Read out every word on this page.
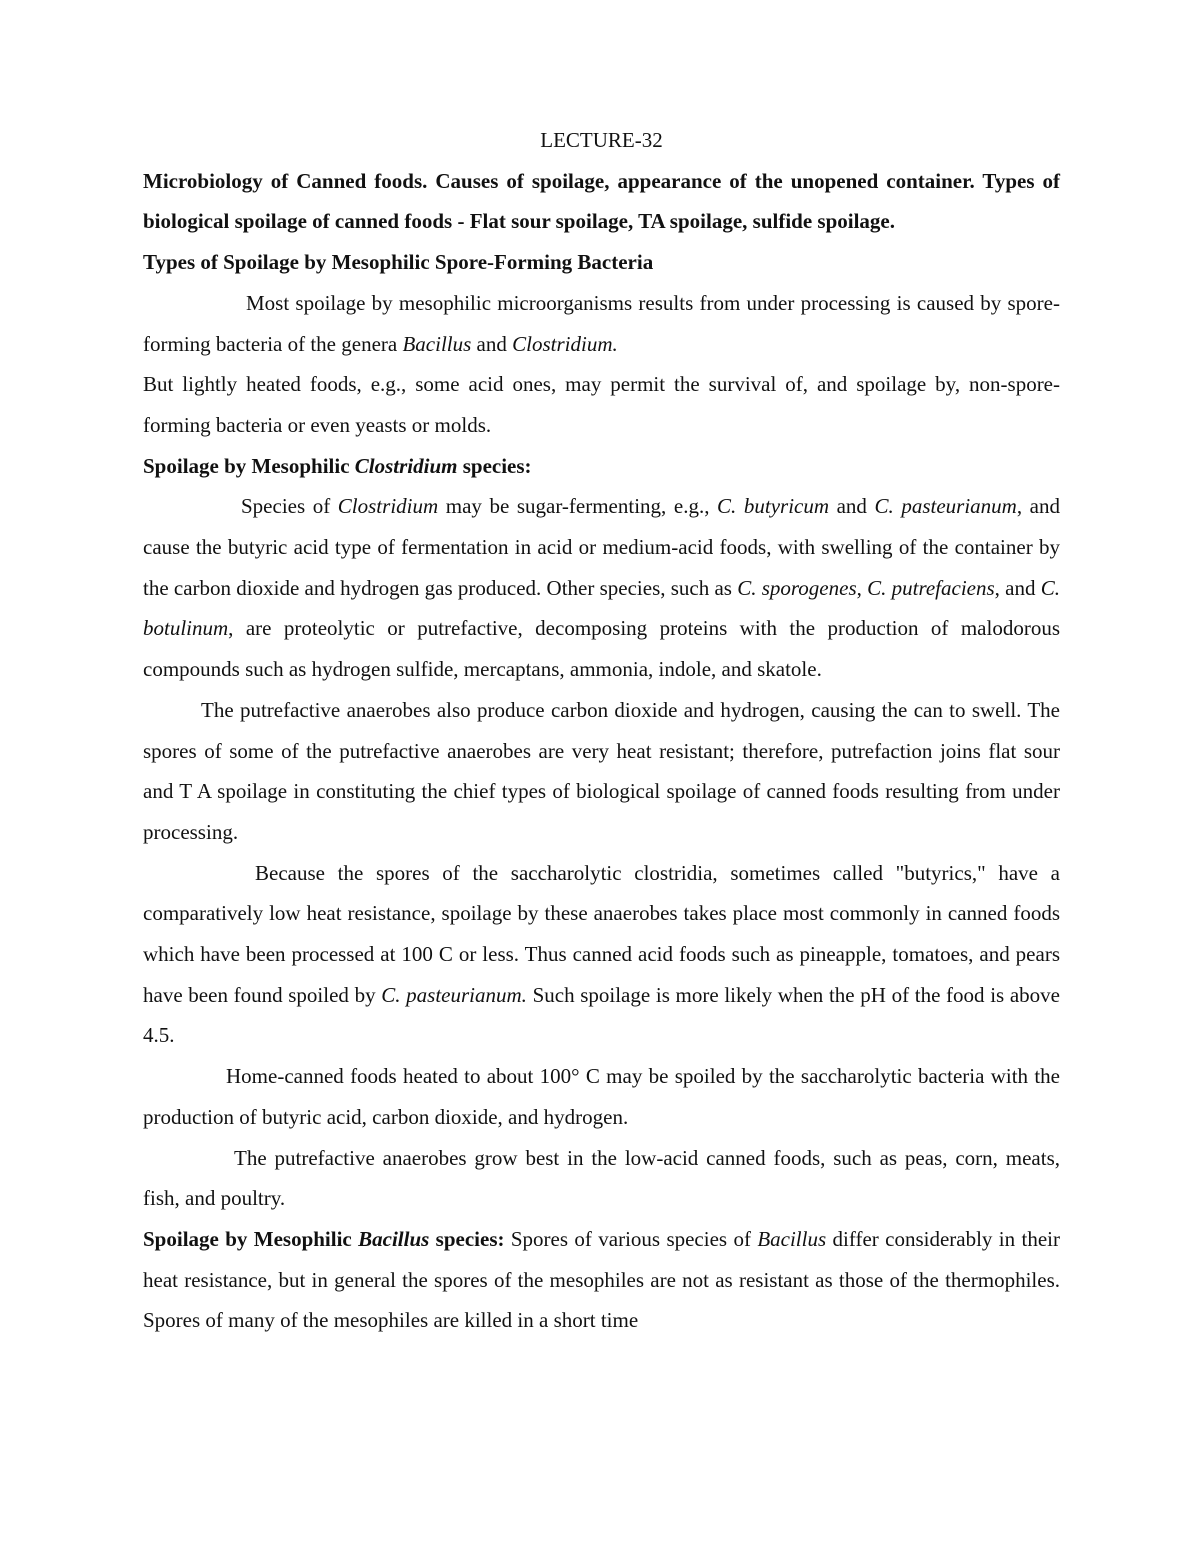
LECTURE-32

Microbiology of Canned foods. Causes of spoilage, appearance of the unopened container. Types of biological spoilage of canned foods - Flat sour spoilage, TA spoilage, sulfide spoilage.

Types of Spoilage by Mesophilic Spore-Forming Bacteria

Most spoilage by mesophilic microorganisms results from under processing is caused by spore-forming bacteria of the genera Bacillus and Clostridium.

But lightly heated foods, e.g., some acid ones, may permit the survival of, and spoilage by, non-spore-forming bacteria or even yeasts or molds.

Spoilage by Mesophilic Clostridium species:

Species of Clostridium may be sugar-fermenting, e.g., C. butyricum and C. pasteurianum, and cause the butyric acid type of fermentation in acid or medium-acid foods, with swelling of the container by the carbon dioxide and hydrogen gas produced. Other species, such as C. sporogenes, C. putrefaciens, and C. botulinum, are proteolytic or putrefactive, decomposing proteins with the production of malodorous compounds such as hydrogen sulfide, mercaptans, ammonia, indole, and skatole.

The putrefactive anaerobes also produce carbon dioxide and hydrogen, causing the can to swell. The spores of some of the putrefactive anaerobes are very heat resistant; therefore, putrefaction joins flat sour and T A spoilage in constituting the chief types of biological spoilage of canned foods resulting from under processing.

Because the spores of the saccharolytic clostridia, sometimes called "butyrics," have a comparatively low heat resistance, spoilage by these anaerobes takes place most commonly in canned foods which have been processed at 100 C or less. Thus canned acid foods such as pineapple, tomatoes, and pears have been found spoiled by C. pasteurianum. Such spoilage is more likely when the pH of the food is above 4.5.

Home-canned foods heated to about 100° C may be spoiled by the saccharolytic bacteria with the production of butyric acid, carbon dioxide, and hydrogen.

The putrefactive anaerobes grow best in the low-acid canned foods, such as peas, corn, meats, fish, and poultry.

Spoilage by Mesophilic Bacillus species: Spores of various species of Bacillus differ considerably in their heat resistance, but in general the spores of the mesophiles are not as resistant as those of the thermophiles. Spores of many of the mesophiles are killed in a short time
